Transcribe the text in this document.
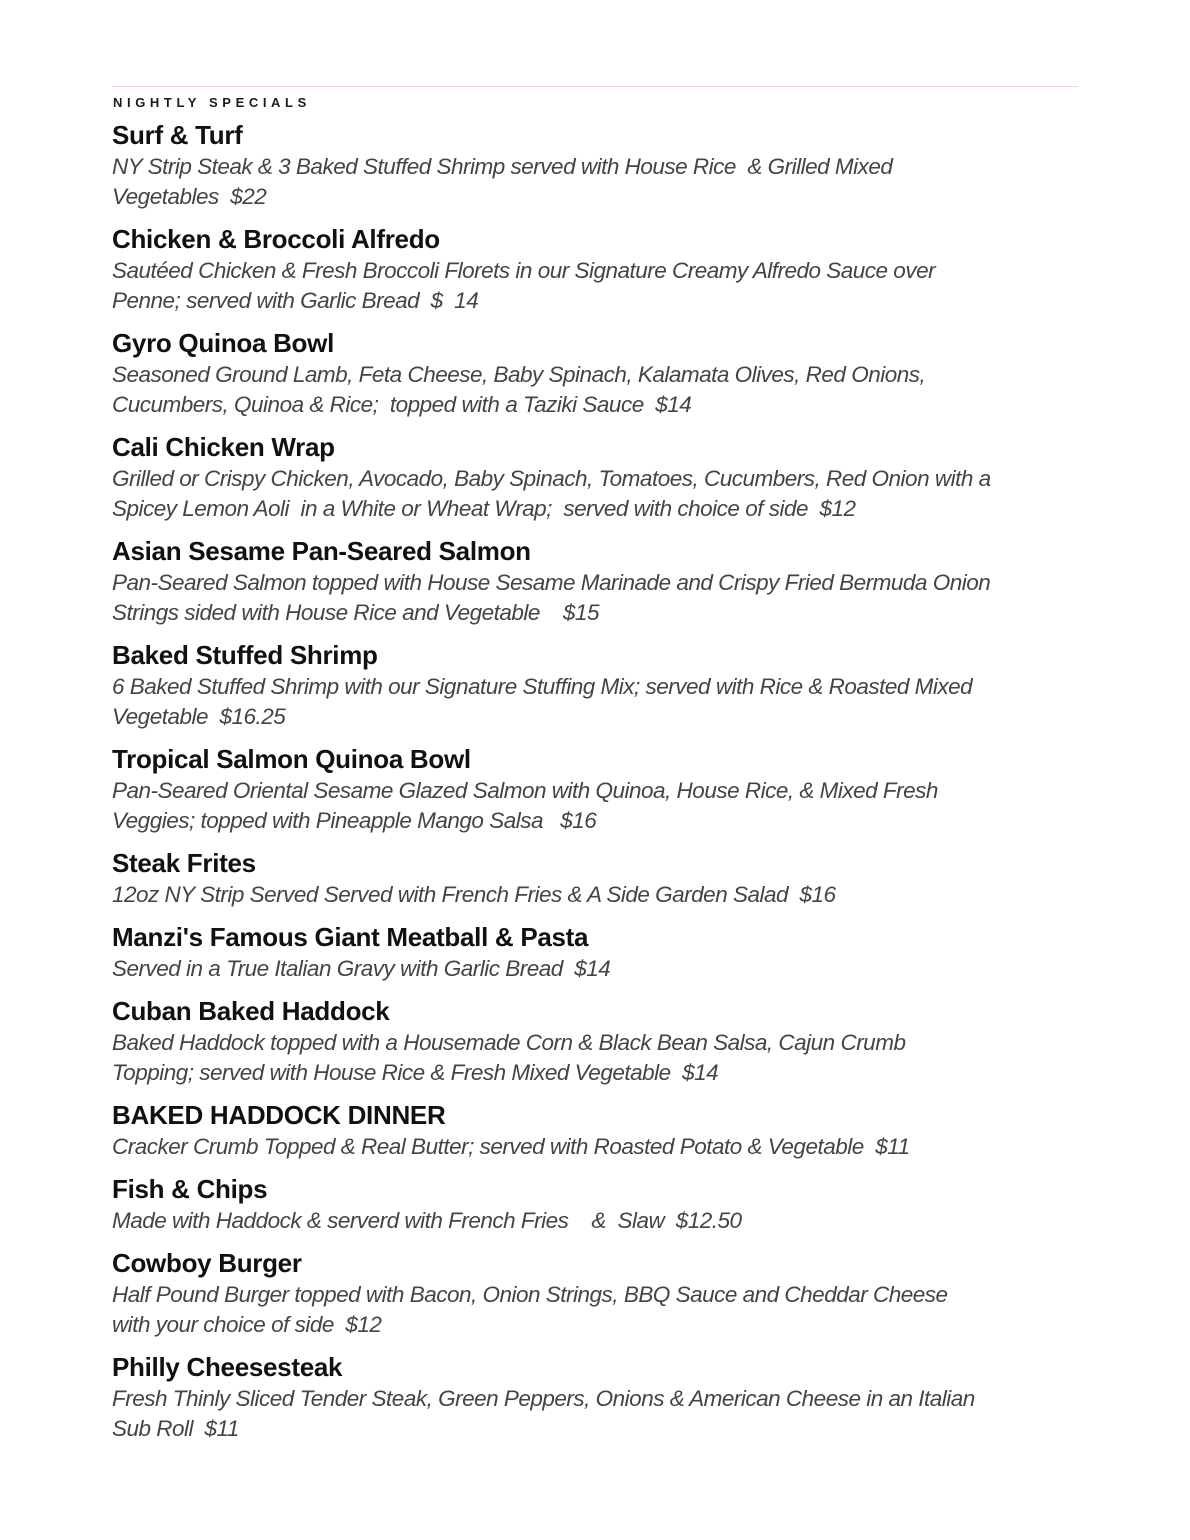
NIGHTLY SPECIALS
Surf & Turf

NY Strip Steak & 3 Baked Stuffed Shrimp served with House Rice  & Grilled Mixed
Vegetables  $22

Chicken & Broccoli Alfredo

Sautéed Chicken & Fresh Broccoli Florets in our Signature Creamy Alfredo Sauce over
Penne; served with Garlic Bread  $  14

Gyro Quinoa Bowl

Seasoned Ground Lamb, Feta Cheese, Baby Spinach, Kalamata Olives, Red Onions,
Cucumbers, Quinoa & Rice;  topped with a Taziki Sauce  $14

Cali Chicken Wrap

Grilled or Crispy Chicken, Avocado, Baby Spinach, Tomatoes, Cucumbers, Red Onion with a
Spicey Lemon Aoli  in a White or Wheat Wrap;  served with choice of side  $12

Asian Sesame Pan-Seared Salmon

Pan-Seared Salmon topped with House Sesame Marinade and Crispy Fried Bermuda Onion
Strings sided with House Rice and Vegetable    $15

Baked Stuffed Shrimp

6 Baked Stuffed Shrimp with our Signature Stuffing Mix; served with Rice & Roasted Mixed
Vegetable  $16.25

Tropical Salmon Quinoa Bowl

Pan-Seared Oriental Sesame Glazed Salmon with Quinoa, House Rice, & Mixed Fresh
Veggies; topped with Pineapple Mango Salsa   $16

Steak Frites

12oz NY Strip Served Served with French Fries & A Side Garden Salad  $16

Manzi's Famous Giant Meatball & Pasta

Served in a True Italian Gravy with Garlic Bread  $14

Cuban Baked Haddock

Baked Haddock topped with a Housemade Corn & Black Bean Salsa, Cajun Crumb
Topping; served with House Rice & Fresh Mixed Vegetable  $14

BAKED HADDOCK DINNER

Cracker Crumb Topped & Real Butter; served with Roasted Potato & Vegetable  $11

Fish & Chips

Made with Haddock & serverd with French Fries    &  Slaw  $12.50

Cowboy Burger

Half Pound Burger topped with Bacon, Onion Strings, BBQ Sauce and Cheddar Cheese
with your choice of side  $12

Philly Cheesesteak

Fresh Thinly Sliced Tender Steak, Green Peppers, Onions & American Cheese in an Italian
Sub Roll  $11
